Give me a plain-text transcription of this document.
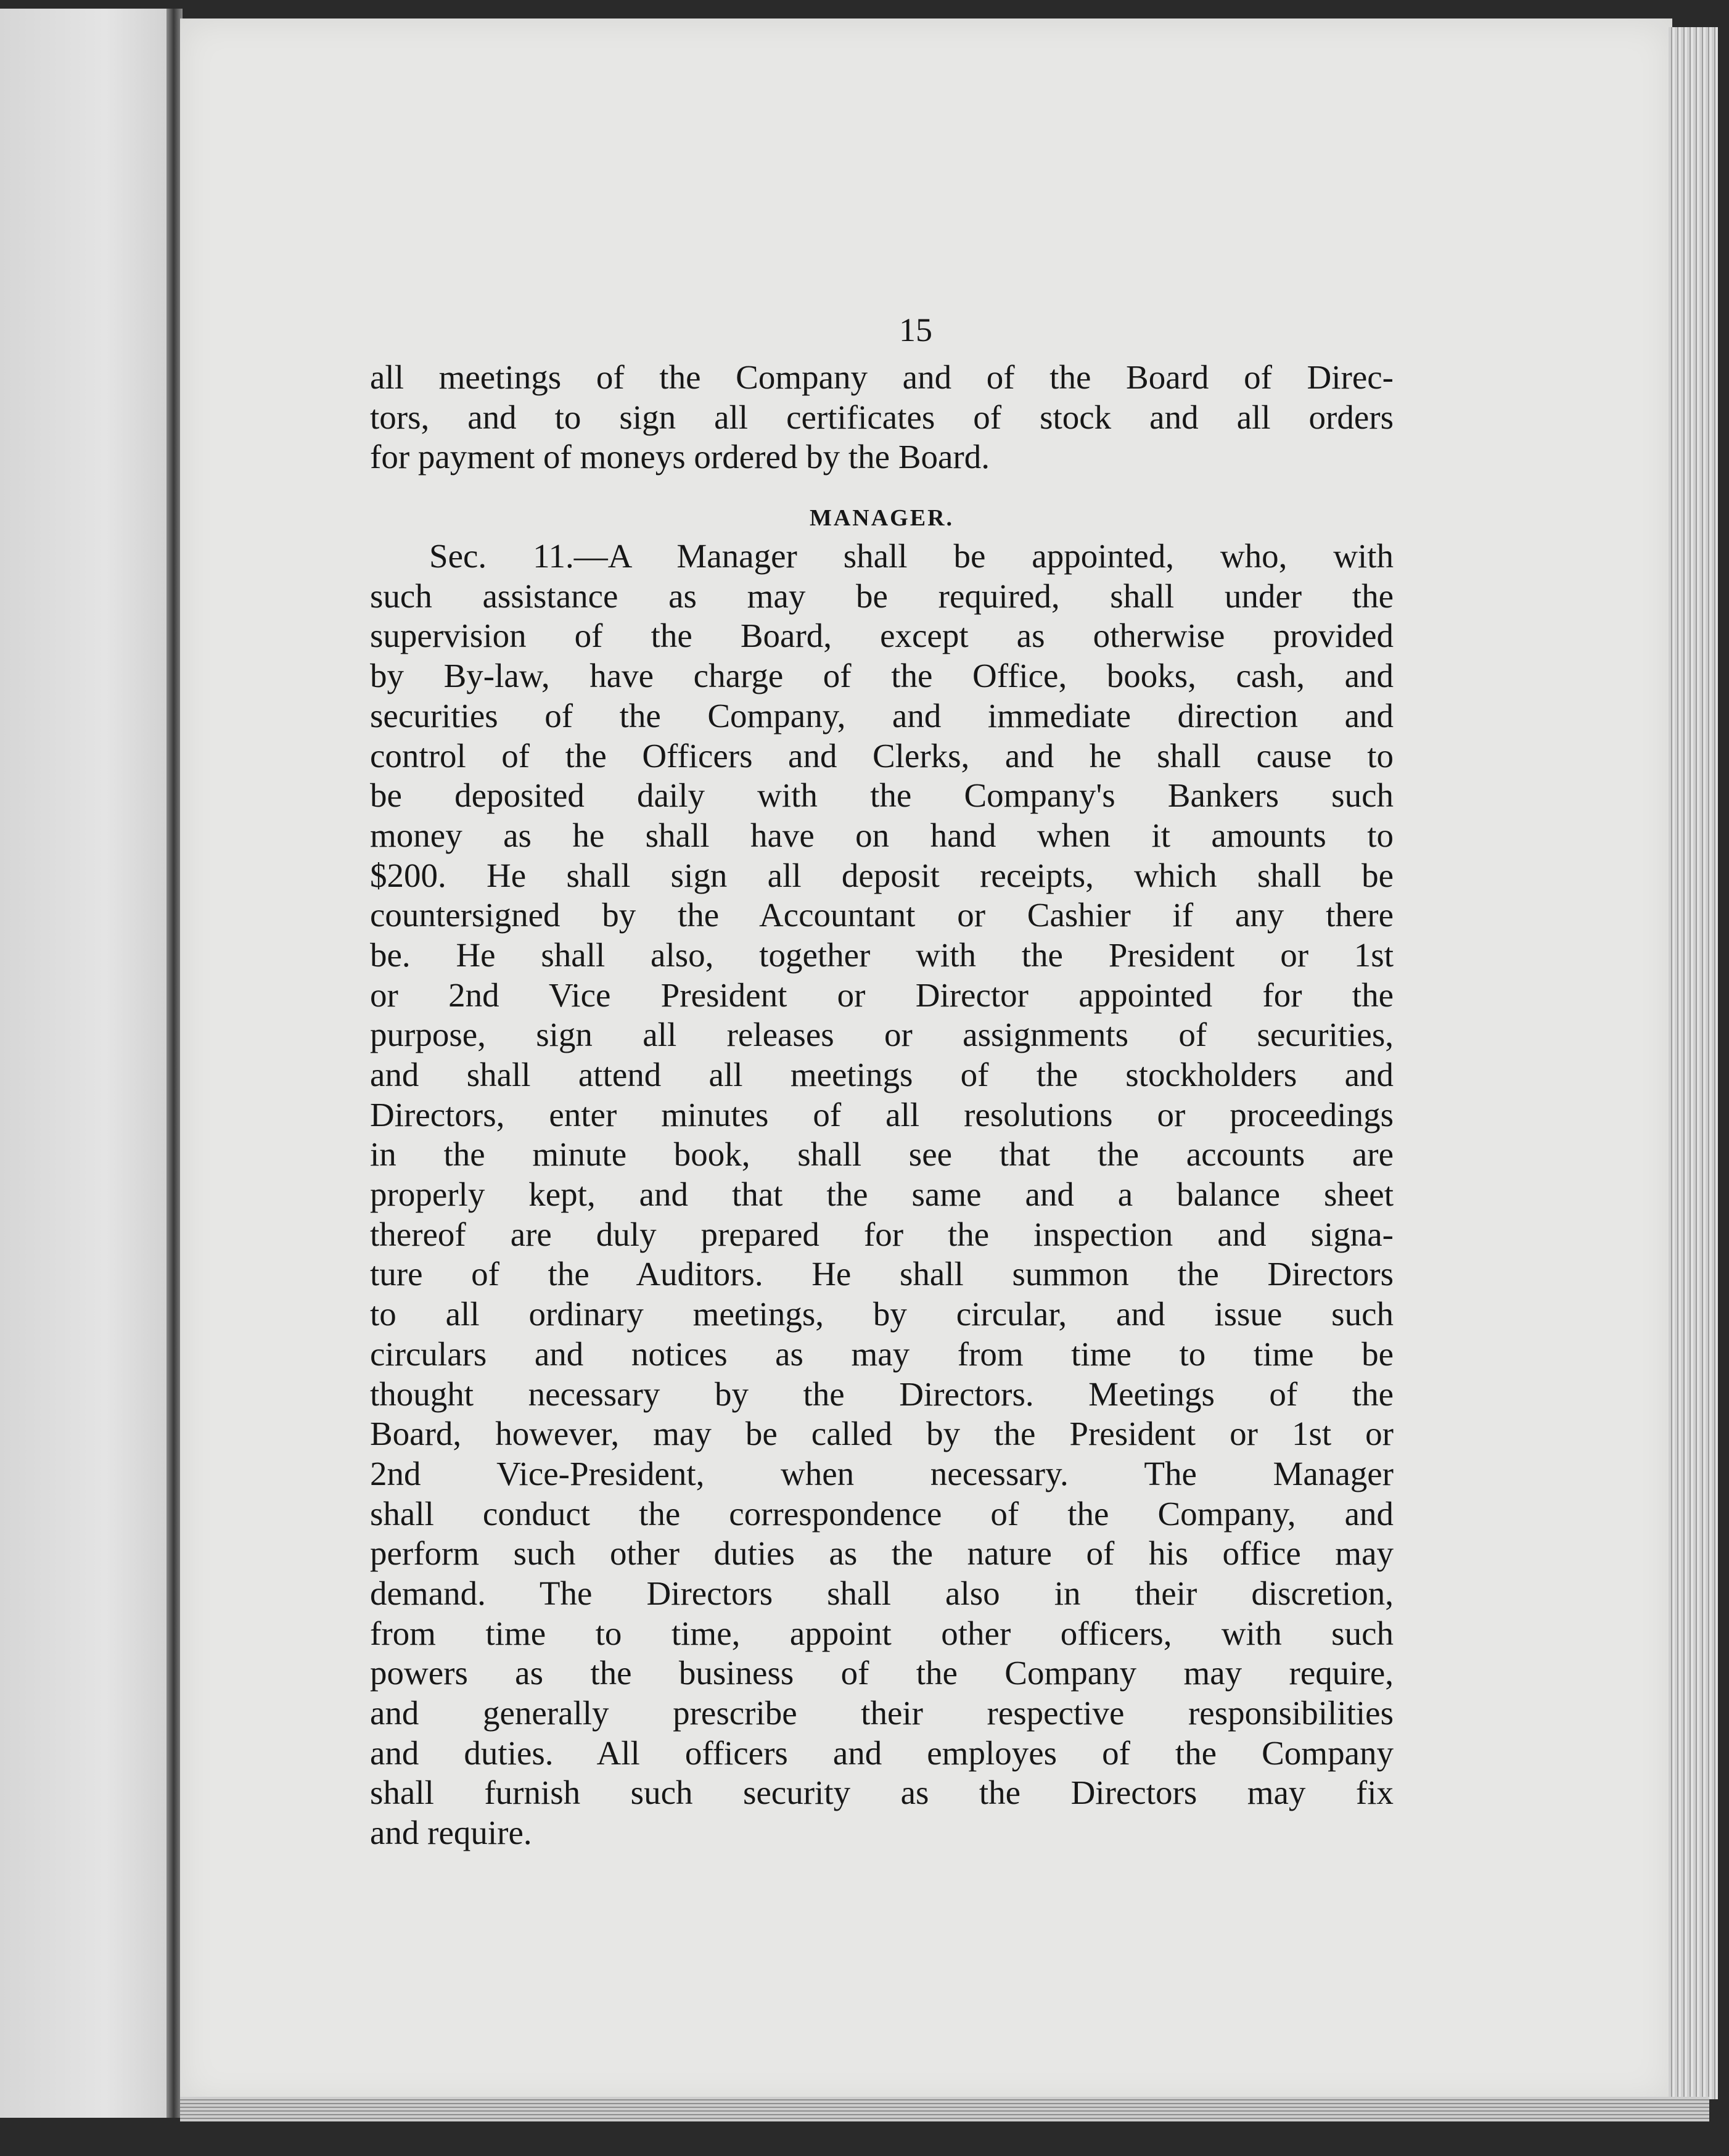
15
all meetings of the Company and of the Board of Direc-
tors, and to sign all certificates of stock and all orders
for payment of moneys ordered by the Board.
MANAGER.
Sec. 11.—A Manager shall be appointed, who, with
such assistance as may be required, shall under the
supervision of the Board, except as otherwise provided
by By-law, have charge of the Office, books, cash, and
securities of the Company, and immediate direction and
control of the Officers and Clerks, and he shall cause to
be deposited daily with the Company's Bankers such
money as he shall have on hand when it amounts to
$200. He shall sign all deposit receipts, which shall be
countersigned by the Accountant or Cashier if any there
be. He shall also, together with the President or 1st
or 2nd Vice President or Director appointed for the
purpose, sign all releases or assignments of securities,
and shall attend all meetings of the stockholders and
Directors, enter minutes of all resolutions or proceedings
in the minute book, shall see that the accounts are
properly kept, and that the same and a balance sheet
thereof are duly prepared for the inspection and signa-
ture of the Auditors. He shall summon the Directors
to all ordinary meetings, by circular, and issue such
circulars and notices as may from time to time be
thought necessary by the Directors. Meetings of the
Board, however, may be called by the President or 1st or
2nd Vice-President, when necessary. The Manager
shall conduct the correspondence of the Company, and
perform such other duties as the nature of his office may
demand. The Directors shall also in their discretion,
from time to time, appoint other officers, with such
powers as the business of the Company may require,
and generally prescribe their respective responsibilities
and duties. All officers and employes of the Company
shall furnish such security as the Directors may fix
and require.
